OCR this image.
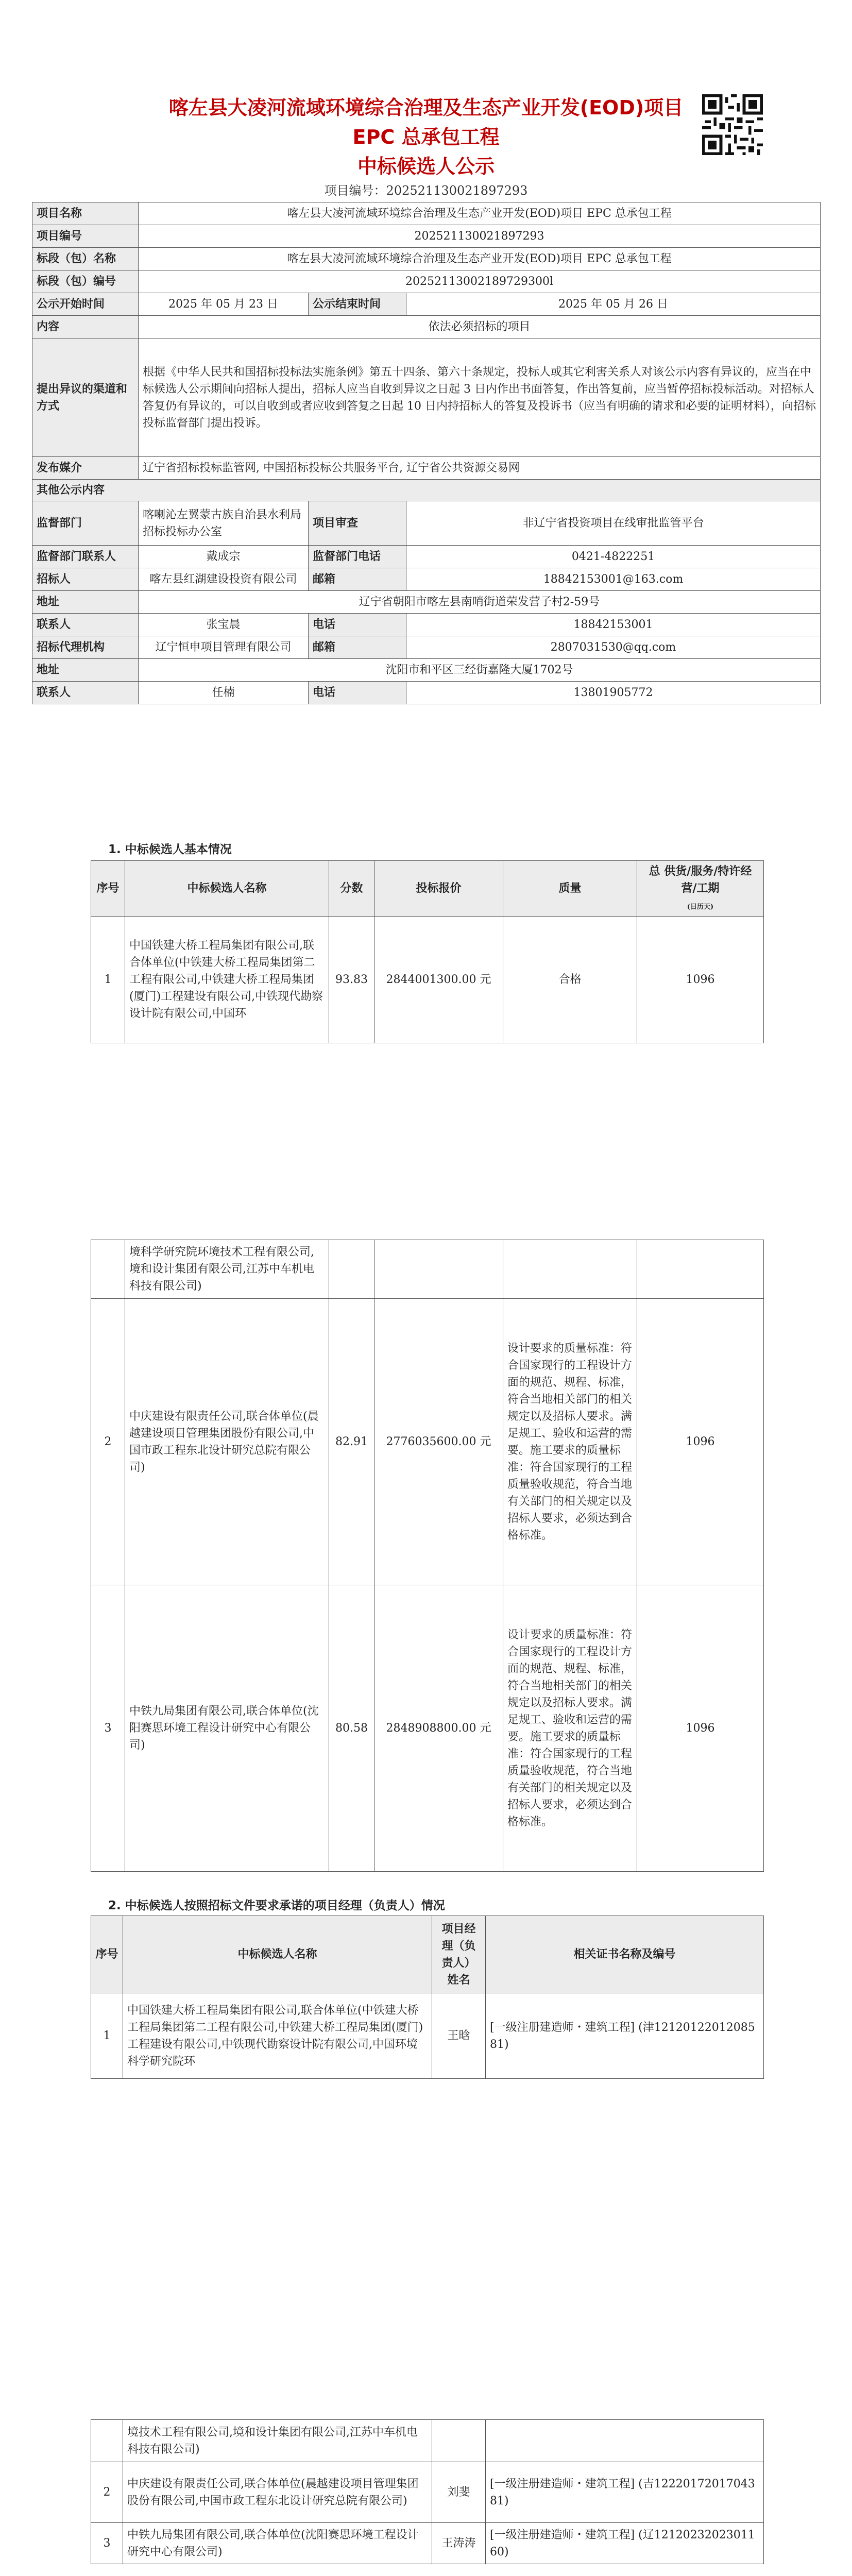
喀左县大凌河流域环境综合治理及生态产业开发(EOD)项目
EPC 总承包工程
中标候选人公示
项目编号：202521130021897293
项目名称	喀左县大凌河流域环境综合治理及生态产业开发(EOD)项目 EPC 总承包工程		
项目编号	202521130021897293		
标段（包）名称	喀左县大凌河流域环境综合治理及生态产业开发(EOD)项目 EPC 总承包工程		
标段（包）编号	20252113002189729300l		
公示开始时间	2025 年 05 月 23 日	公示结束时间	2025 年 05 月 26 日
内容	依法必须招标的项目		
提出异议的渠道和方式	根据《中华人民共和国招标投标法实施条例》第五十四条、第六十条规定，投标人或其它利害关系人对该公示内容有异议的，应当在中标候选人公示期间向招标人提出，招标人应当自收到异议之日起 3 日内作出书面答复，作出答复前，应当暂停招标投标活动。对招标人答复仍有异议的，可以自收到或者应收到答复之日起 10 日内持招标人的答复及投诉书（应当有明确的请求和必要的证明材料），向招标投标监督部门提出投诉。		
发布媒介	辽宁省招标投标监管网, 中国招标投标公共服务平台, 辽宁省公共资源交易网		
其他公示内容			
监督部门	喀喇沁左翼蒙古族自治县水利局招标投标办公室	项目审查	非辽宁省投资项目在线审批监管平台
监督部门联系人	戴成宗	监督部门电话	0421-4822251
招标人	喀左县红湖建设投资有限公司	邮箱	18842153001@163.com
地址	辽宁省朝阳市喀左县南哨街道荣发营子村2-59号		
联系人	张宝晨	电话	18842153001
招标代理机构	辽宁恒申项目管理有限公司	邮箱	2807031530@qq.com
地址	沈阳市和平区三经街嘉隆大厦1702号		
联系人	任楠	电话	13801905772
1. 中标候选人基本情况
序号	中标候选人名称	分数	投标报价	质量	总 供货/服务/特许经营/工期
(日历天)
1	中国铁建大桥工程局集团有限公司,联合体单位(中铁建大桥工程局集团第二工程有限公司,中铁建大桥工程局集团(厦门)工程建设有限公司,中铁现代勘察设计院有限公司,中国环	93.83	2844001300.00 元	合格	1096
	境科学研究院环境技术工程有限公司,境和设计集团有限公司,江苏中车机电科技有限公司)				
2	中庆建设有限责任公司,联合体单位(晨越建设项目管理集团股份有限公司,中国市政工程东北设计研究总院有限公司)	82.91	2776035600.00 元	设计要求的质量标准：符合国家现行的工程设计方面的规范、规程、标准，符合当地相关部门的相关规定以及招标人要求。满足规工、验收和运营的需要。施工要求的质量标准：符合国家现行的工程质量验收规范，符合当地有关部门的相关规定以及招标人要求，必须达到合格标准。	1096
3	中铁九局集团有限公司,联合体单位(沈阳赛思环境工程设计研究中心有限公司)	80.58	2848908800.00 元	设计要求的质量标准：符合国家现行的工程设计方面的规范、规程、标准，符合当地相关部门的相关规定以及招标人要求。满足规工、验收和运营的需要。施工要求的质量标准：符合国家现行的工程质量验收规范，符合当地有关部门的相关规定以及招标人要求，必须达到合格标准。	1096
2. 中标候选人按照招标文件要求承诺的项目经理（负责人）情况
序号	中标候选人名称	项目经理（负责人）姓名	相关证书名称及编号
1	中国铁建大桥工程局集团有限公司,联合体单位(中铁建大桥工程局集团第二工程有限公司,中铁建大桥工程局集团(厦门)工程建设有限公司,中铁现代勘察设计院有限公司,中国环境科学研究院环	王晗	[一级注册建造师・建筑工程] (津1212012201208581)
	境技术工程有限公司,境和设计集团有限公司,江苏中车机电科技有限公司)		
2	中庆建设有限责任公司,联合体单位(晨越建设项目管理集团股份有限公司,中国市政工程东北设计研究总院有限公司)	刘斐	[一级注册建造师・建筑工程] (吉1222017201704381)
3	中铁九局集团有限公司,联合体单位(沈阳赛思环境工程设计研究中心有限公司)	王涛涛	[一级注册建造师・建筑工程] (辽1212023202301160)
